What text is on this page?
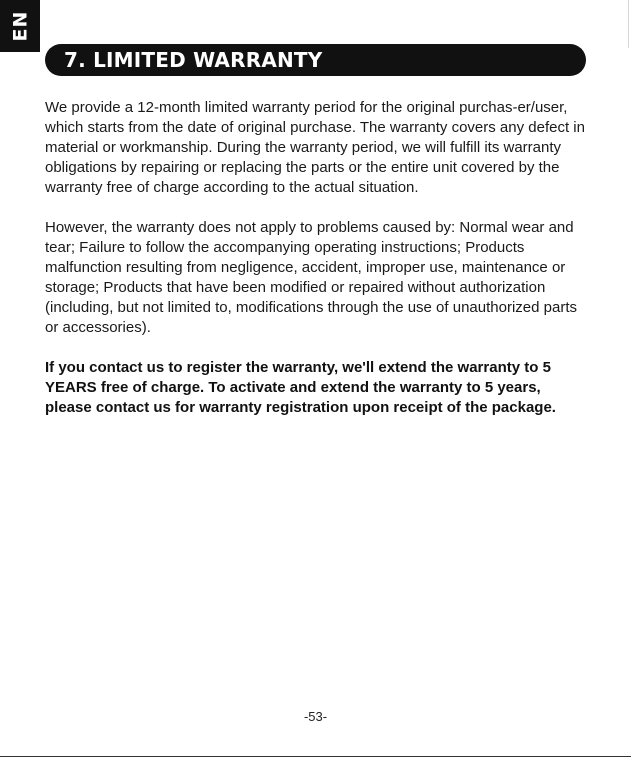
EN
7. LIMITED WARRANTY

We provide a 12-month limited warranty period for the original purchas-er/user, which starts from the date of original purchase. The warranty covers any defect in material or workmanship. During the warranty period, we will fulfill its warranty obligations by repairing or replacing the parts or the entire unit covered by the warranty free of charge according to the actual situation.

However, the warranty does not apply to problems caused by: Normal wear and tear; Failure to follow the accompanying operating instructions; Products malfunction resulting from negligence, accident, improper use, maintenance or storage; Products that have been modified or repaired without authorization (including, but not limited to, modifications through the use of unauthorized parts or accessories).

If you contact us to register the warranty, we'll extend the warranty to 5 YEARS free of charge. To activate and extend the warranty to 5 years, please contact us for warranty registration upon receipt of the package.

-53-
